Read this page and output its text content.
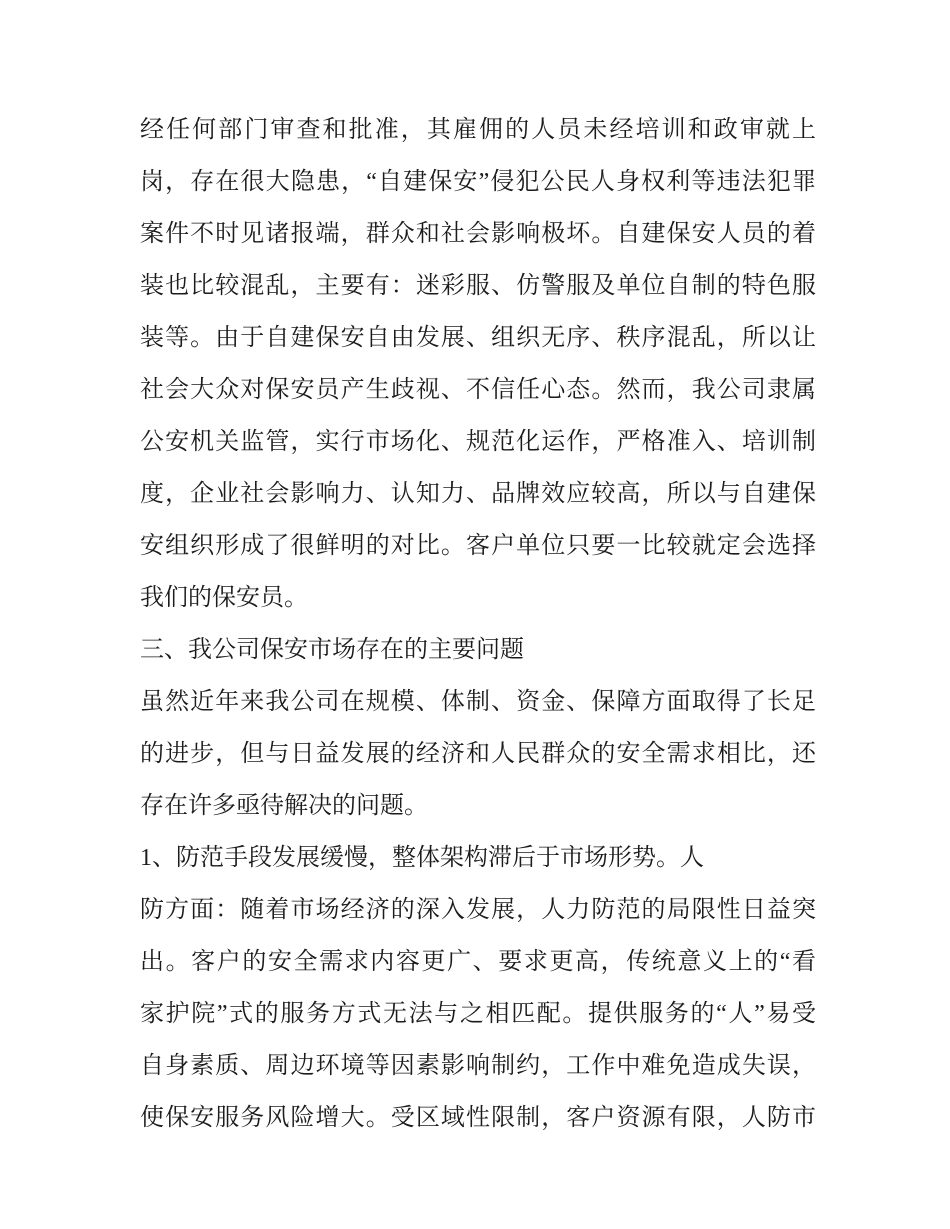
经任何部门审查和批准，其雇佣的人员未经培训和政审就上
岗，存在很大隐患，“自建保安”侵犯公民人身权利等违法犯罪
案件不时见诸报端，群众和社会影响极坏。自建保安人员的着
装也比较混乱，主要有：迷彩服、仿警服及单位自制的特色服
装等。由于自建保安自由发展、组织无序、秩序混乱，所以让
社会大众对保安员产生歧视、不信任心态。然而，我公司隶属
公安机关监管，实行市场化、规范化运作，严格准入、培训制
度，企业社会影响力、认知力、品牌效应较高，所以与自建保
安组织形成了很鲜明的对比。客户单位只要一比较就定会选择
我们的保安员。
三、我公司保安市场存在的主要问题
虽然近年来我公司在规模、体制、资金、保障方面取得了长足
的进步，但与日益发展的经济和人民群众的安全需求相比，还
存在许多亟待解决的问题。
1、防范手段发展缓慢，整体架构滞后于市场形势。人
防方面：随着市场经济的深入发展，人力防范的局限性日益突
出。客户的安全需求内容更广、要求更高，传统意义上的“看
家护院”式的服务方式无法与之相匹配。提供服务的“人”易受
自身素质、周边环境等因素影响制约，工作中难免造成失误，
使保安服务风险增大。受区域性限制，客户资源有限，人防市
